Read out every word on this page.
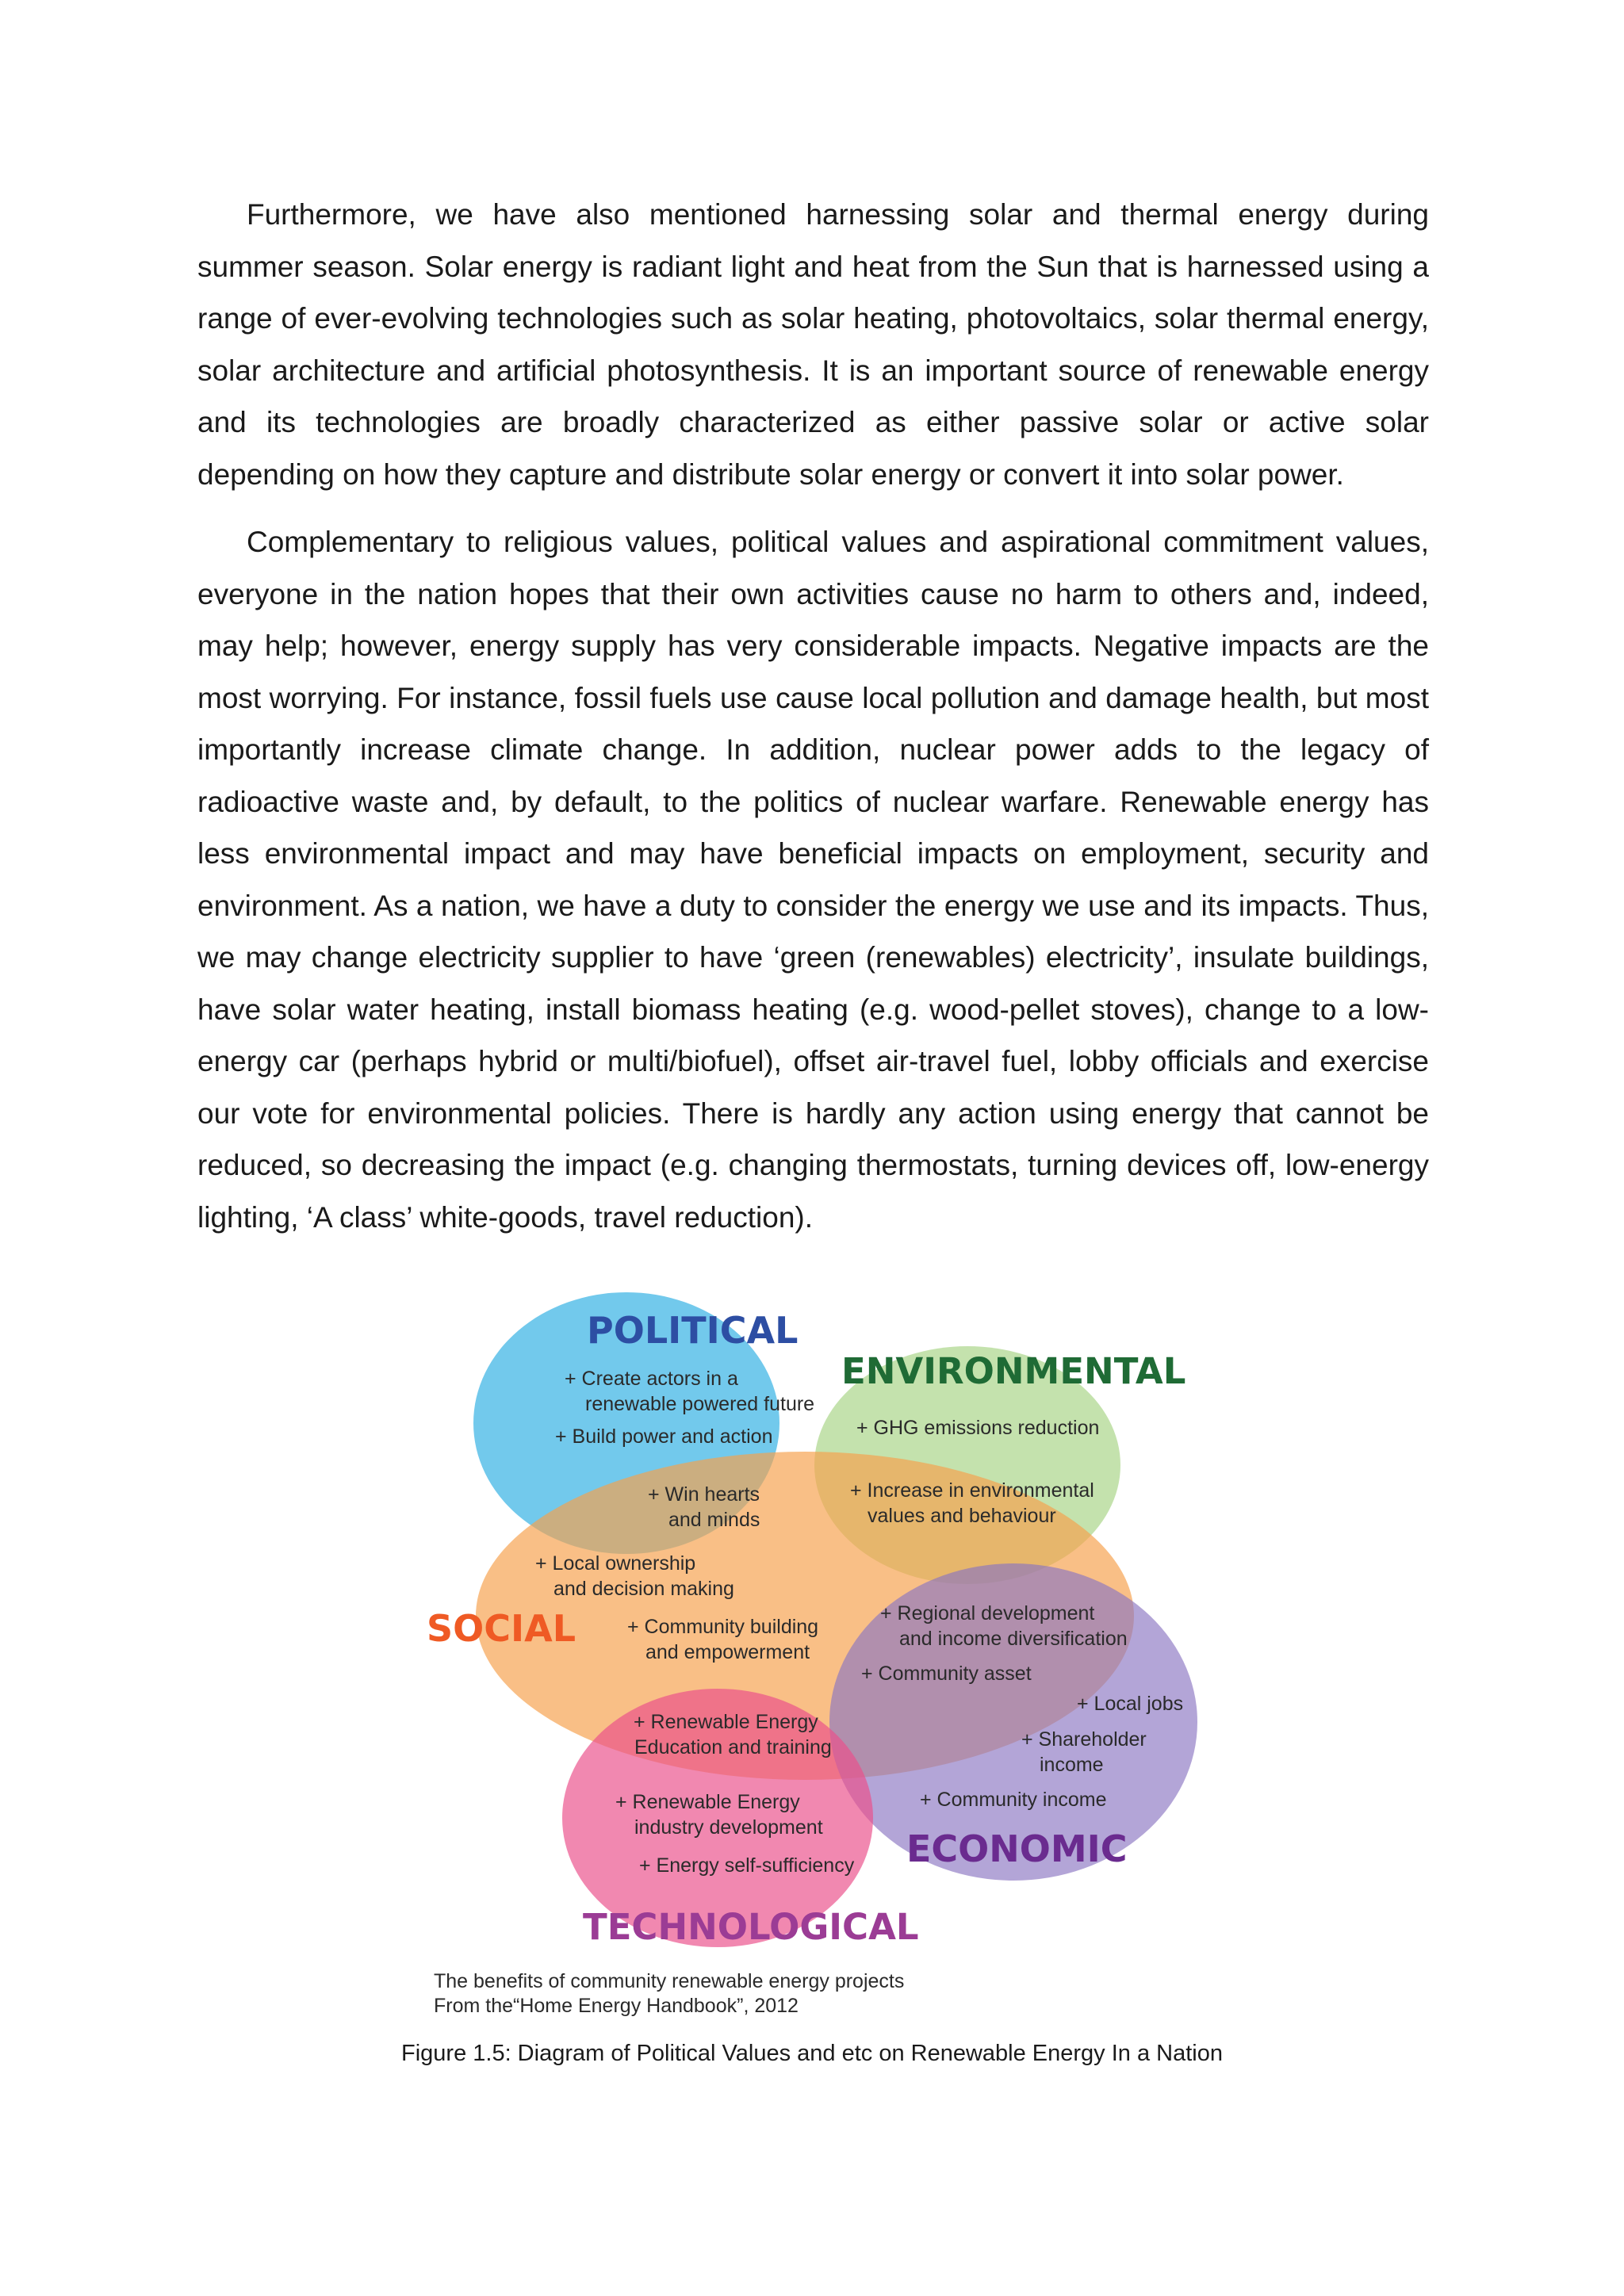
Furthermore, we have also mentioned harnessing solar and thermal energy during summer season. Solar energy is radiant light and heat from the Sun that is harnessed using a range of ever-evolving technologies such as solar heating, photovoltaics, solar thermal energy, solar architecture and artificial photosynthesis. It is an important source of renewable energy and its technologies are broadly characterized as either passive solar or active solar depending on how they capture and distribute solar energy or convert it into solar power.

Complementary to religious values, political values and aspirational commitment values, everyone in the nation hopes that their own activities cause no harm to others and, indeed, may help; however, energy supply has very considerable impacts. Negative impacts are the most worrying. For instance, fossil fuels use cause local pollution and damage health, but most importantly increase climate change. In addition, nuclear power adds to the legacy of radioactive waste and, by default, to the politics of nuclear warfare. Renewable energy has less environmental impact and may have beneficial impacts on employment, security and environment. As a nation, we have a duty to consider the energy we use and its impacts. Thus, we may change electricity supplier to have ‘green (renewables) electricity’, insulate buildings, have solar water heating, install biomass heating (e.g. wood-pellet stoves), change to a low-energy car (perhaps hybrid or multi/biofuel), offset air-travel fuel, lobby officials and exercise our vote for environmental policies. There is hardly any action using energy that cannot be reduced, so decreasing the impact (e.g. changing thermostats, turning devices off, low-energy lighting, ‘A class’ white-goods, travel reduction).

POLITICAL
ENVIRONMENTAL
SOCIAL
ECONOMIC
TECHNOLOGICAL
+ Create actors in a
renewable powered future
+ Build power and action	+ GHG emissions reduction
+ Win hearts
and minds
+ Increase in environmental
values and behaviour
+ Local ownership
and decision making
+ Community building
and empowerment
+ Regional development
and income diversification
+ Community asset
+ Local jobs
+ Renewable Energy
Education and training	+ Shareholder
income
+ Renewable Energy
industry development
+ Community income
+ Energy self-sufficiency
The benefits of community renewable energy projects
From the“Home Energy Handbook”, 2012
Figure 1.5: Diagram of Political Values and etc on Renewable Energy In a Nation
